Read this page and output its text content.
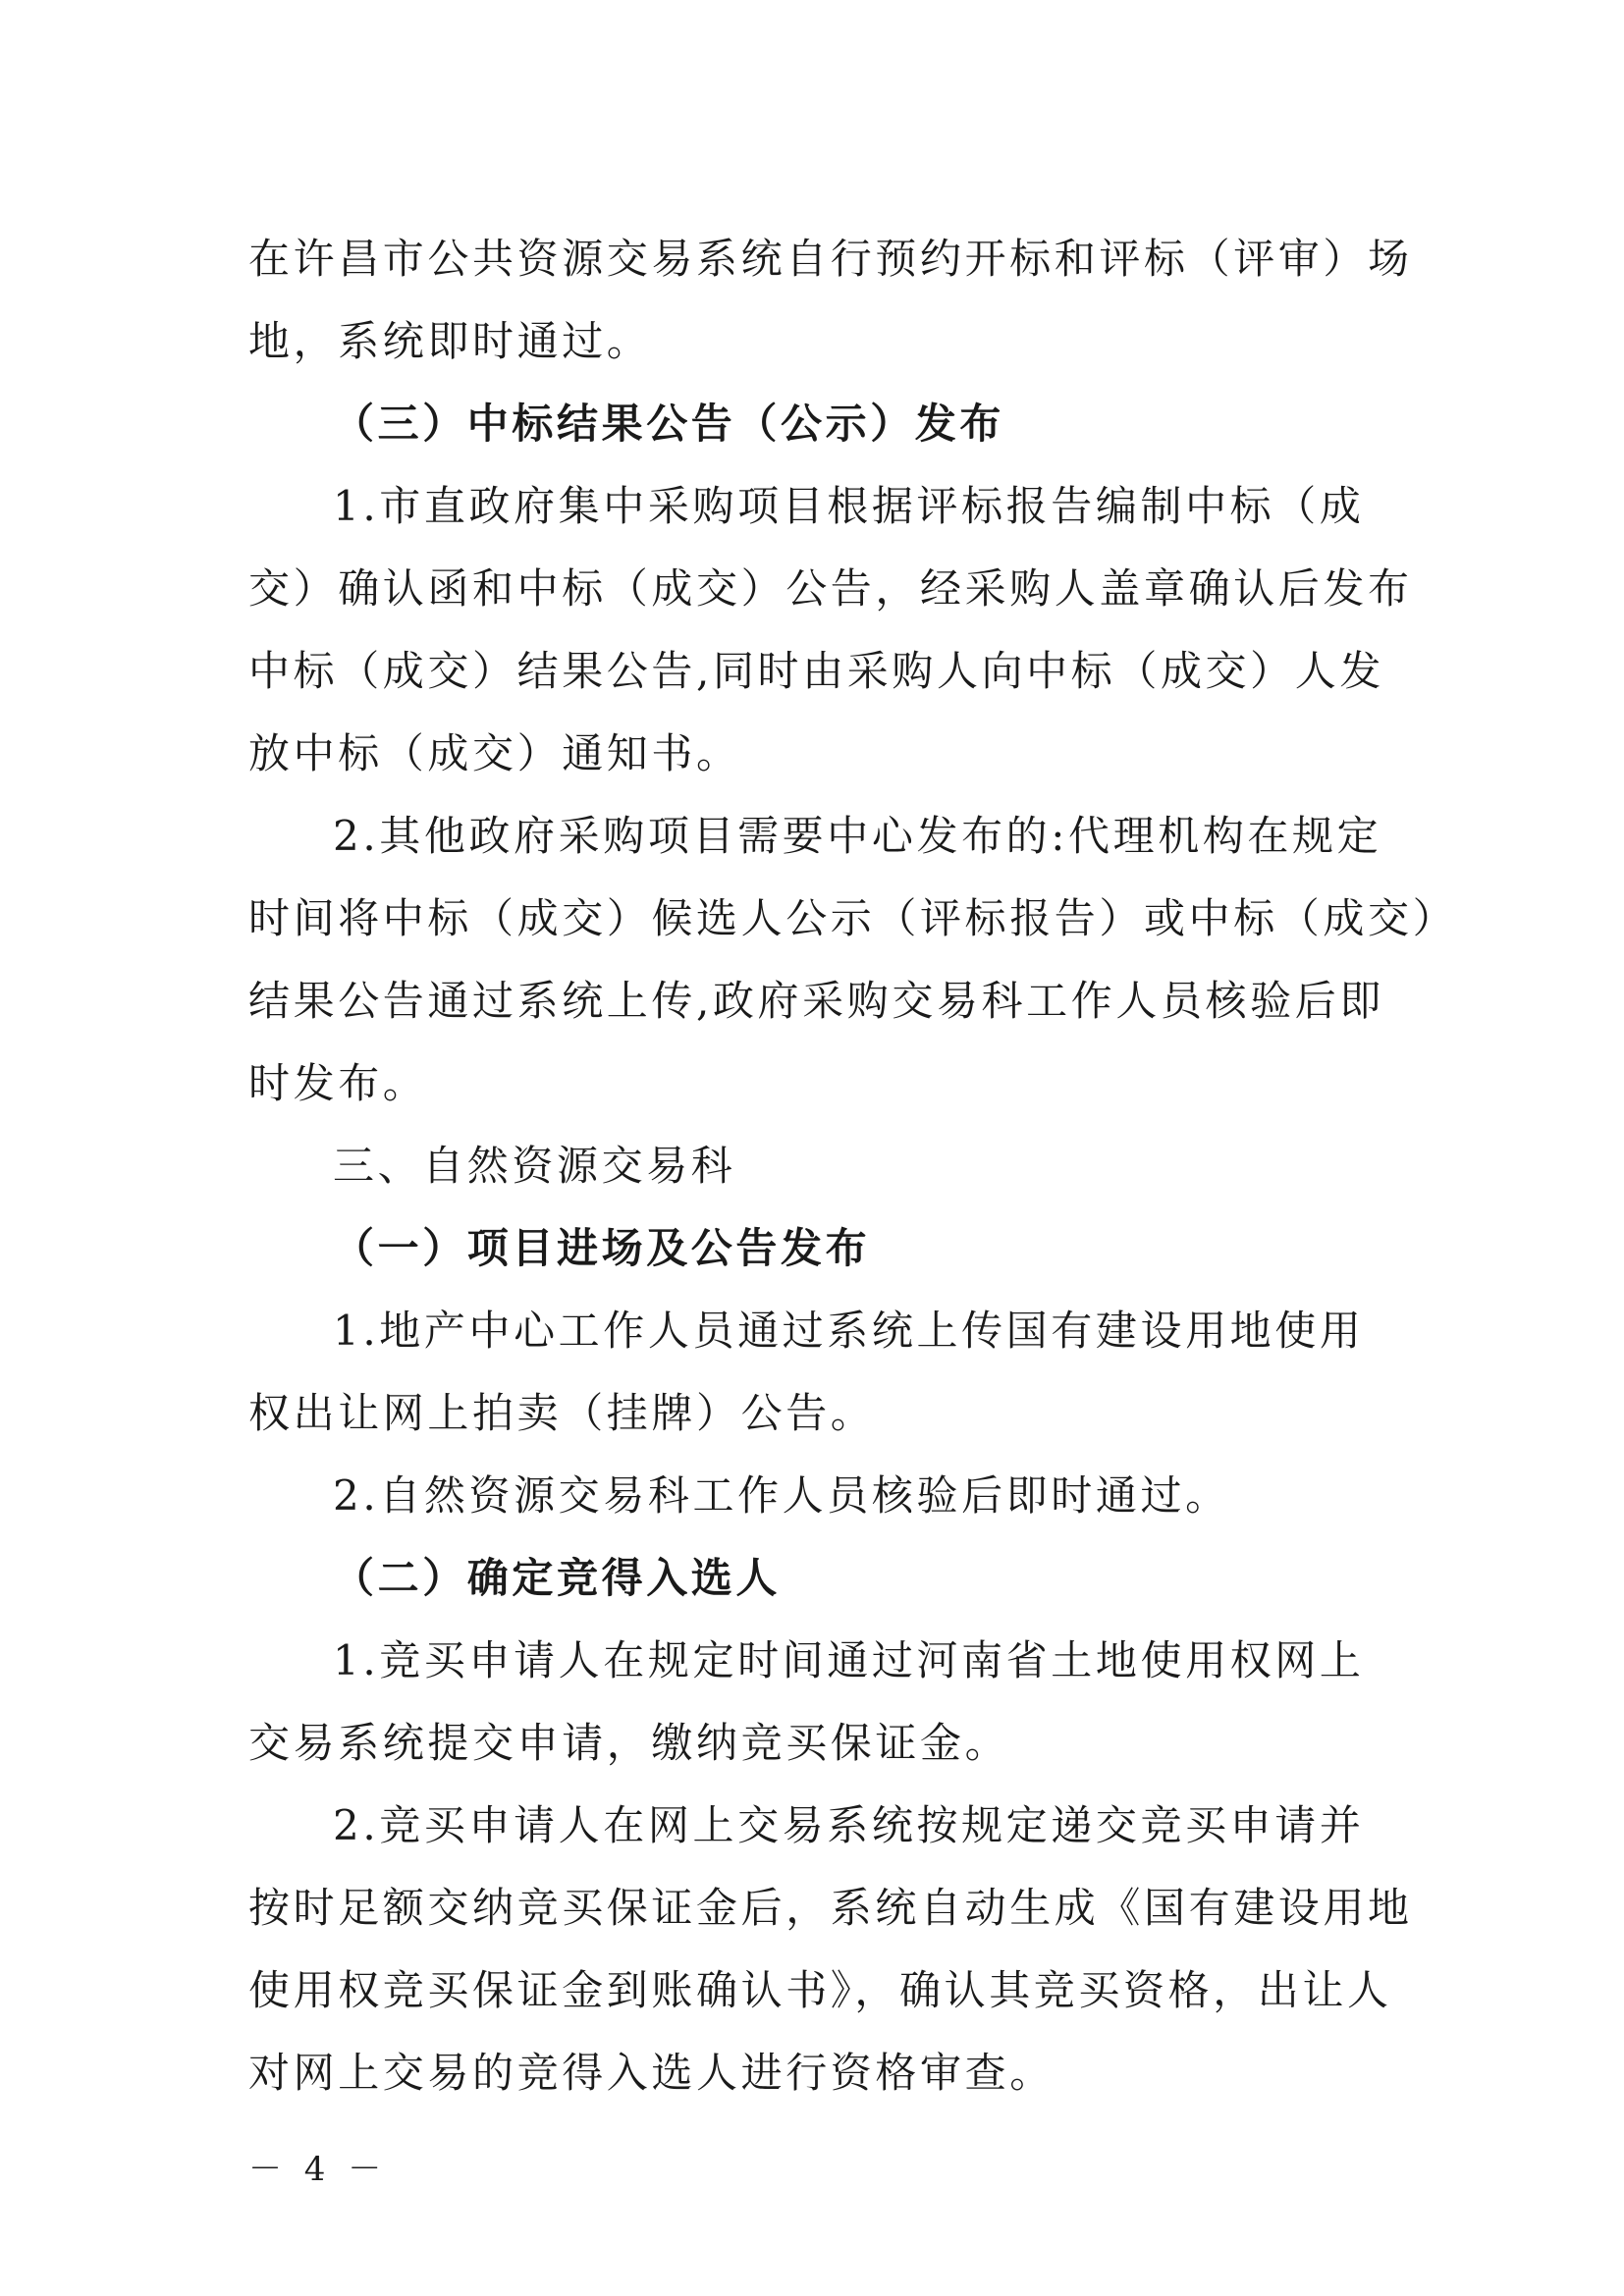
在许昌市公共资源交易系统自行预约开标和评标（评审）场
地，系统即时通过。
（三）中标结果公告（公示）发布
1.市直政府集中采购项目根据评标报告编制中标（成
交）确认函和中标（成交）公告，经采购人盖章确认后发布
中标（成交）结果公告,同时由采购人向中标（成交）人发
放中标（成交）通知书。
2.其他政府采购项目需要中心发布的:代理机构在规定
时间将中标（成交）候选人公示（评标报告）或中标（成交）
结果公告通过系统上传,政府采购交易科工作人员核验后即
时发布。
三、自然资源交易科
（一）项目进场及公告发布
1.地产中心工作人员通过系统上传国有建设用地使用
权出让网上拍卖（挂牌）公告。
2.自然资源交易科工作人员核验后即时通过。
（二）确定竞得入选人
1.竞买申请人在规定时间通过河南省土地使用权网上
交易系统提交申请，缴纳竞买保证金。
2.竞买申请人在网上交易系统按规定递交竞买申请并
按时足额交纳竞买保证金后，系统自动生成《国有建设用地
使用权竞买保证金到账确认书》，确认其竞买资格，出让人
对网上交易的竞得入选人进行资格审查。
－ 4 －
